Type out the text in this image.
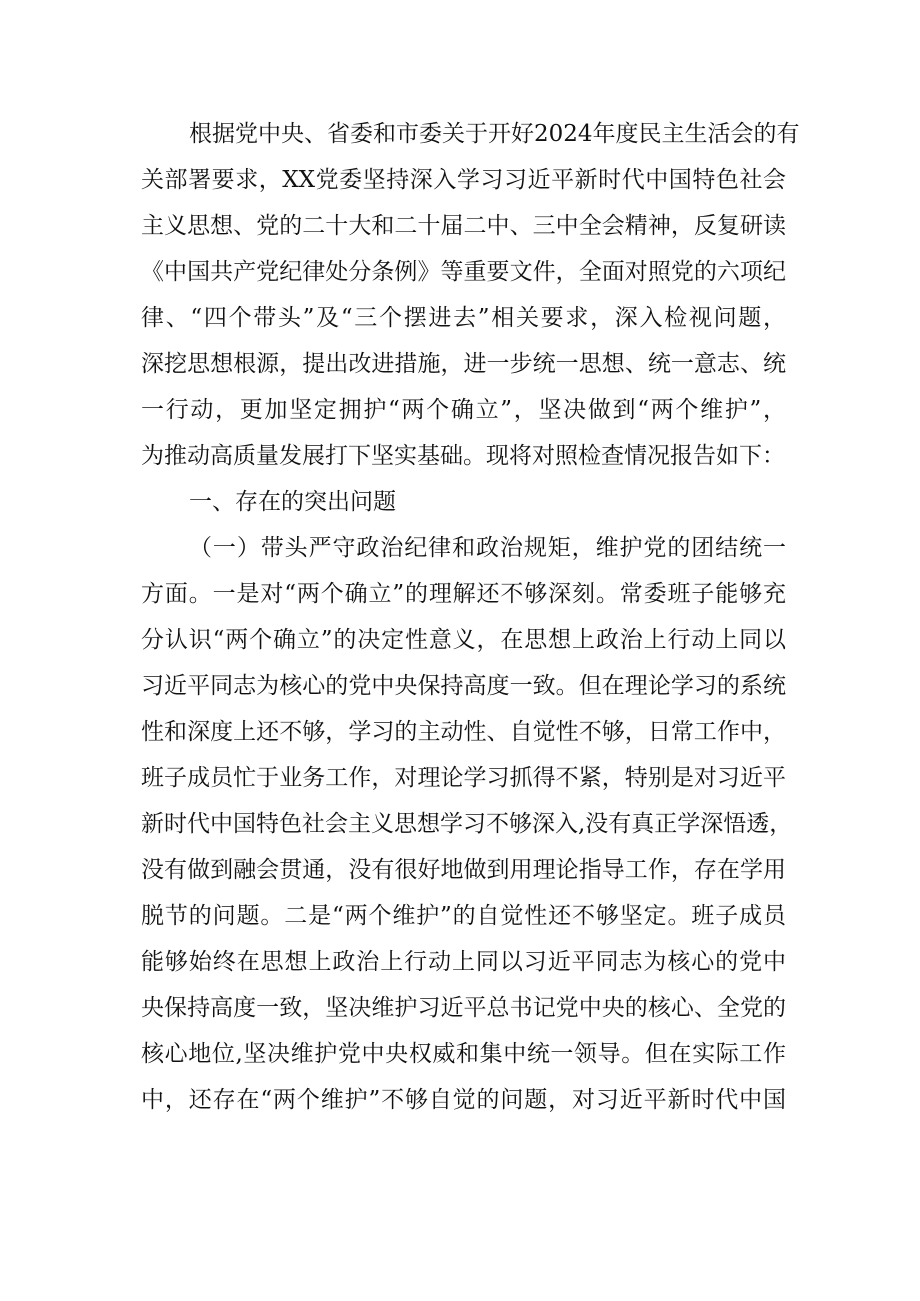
根据党中央、省委和市委关于开好2024年度民主生活会的有
关部署要求，XX党委坚持深入学习习近平新时代中国特色社会
主义思想、党的二十大和二十届二中、三中全会精神，反复研读
《中国共产党纪律处分条例》等重要文件，全面对照党的六项纪
律、“四个带头”及“三个摆进去”相关要求，深入检视问题，
深挖思想根源，提出改进措施，进一步统一思想、统一意志、统
一行动，更加坚定拥护“两个确立”，坚决做到“两个维护”，
为推动高质量发展打下坚实基础。现将对照检查情况报告如下：
一、存在的突出问题
（一）带头严守政治纪律和政治规矩，维护党的团结统一
方面。一是对“两个确立”的理解还不够深刻。常委班子能够充
分认识“两个确立”的决定性意义，在思想上政治上行动上同以
习近平同志为核心的党中央保持高度一致。但在理论学习的系统
性和深度上还不够，学习的主动性、自觉性不够，日常工作中，
班子成员忙于业务工作，对理论学习抓得不紧，特别是对习近平
新时代中国特色社会主义思想学习不够深入,没有真正学深悟透，
没有做到融会贯通，没有很好地做到用理论指导工作，存在学用
脱节的问题。二是“两个维护”的自觉性还不够坚定。班子成员
能够始终在思想上政治上行动上同以习近平同志为核心的党中
央保持高度一致，坚决维护习近平总书记党中央的核心、全党的
核心地位,坚决维护党中央权威和集中统一领导。但在实际工作
中，还存在“两个维护”不够自觉的问题，对习近平新时代中国
